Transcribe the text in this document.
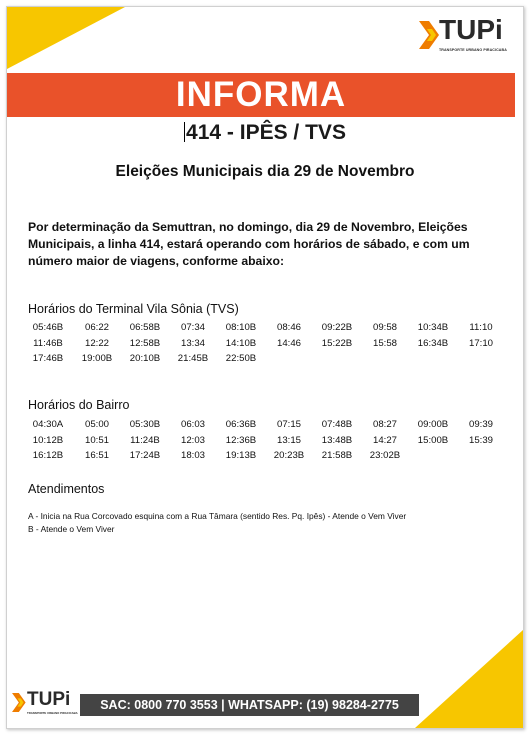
TUPi
TRANSPORTE URBANO PIRACICABA
INFORMA
414 - IPÊS / TVS
Eleições Municipais dia 29 de Novembro
Por determinação da Semuttran, no domingo, dia 29 de Novembro, Eleições Municipais, a linha 414, estará operando com horários de sábado, e com um número maior de viagens, conforme abaixo:
Horários do Terminal Vila Sônia (TVS)
05:46B	06:22	06:58B	07:34	08:10B	08:46	09:22B	09:58	10:34B	11:10
11:46B	12:22	12:58B	13:34	14:10B	14:46	15:22B	15:58	16:34B	17:10
17:46B	19:00B	20:10B	21:45B	22:50B
Horários do Bairro
04:30A	05:00	05:30B	06:03	06:36B	07:15	07:48B	08:27	09:00B	09:39
10:12B	10:51	11:24B	12:03	12:36B	13:15	13:48B	14:27	15:00B	15:39
16:12B	16:51	17:24B	18:03	19:13B	20:23B	21:58B	23:02B
Atendimentos
A - Inicia na Rua Corcovado esquina com a Rua Tâmara (sentido Res. Pq. Ipês) - Atende o Vem Viver
B - Atende o Vem Viver
TUPi
TRANSPORTE URBANO PIRACICABA
SAC: 0800 770 3553 | WHATSAPP: (19) 98284-2775
